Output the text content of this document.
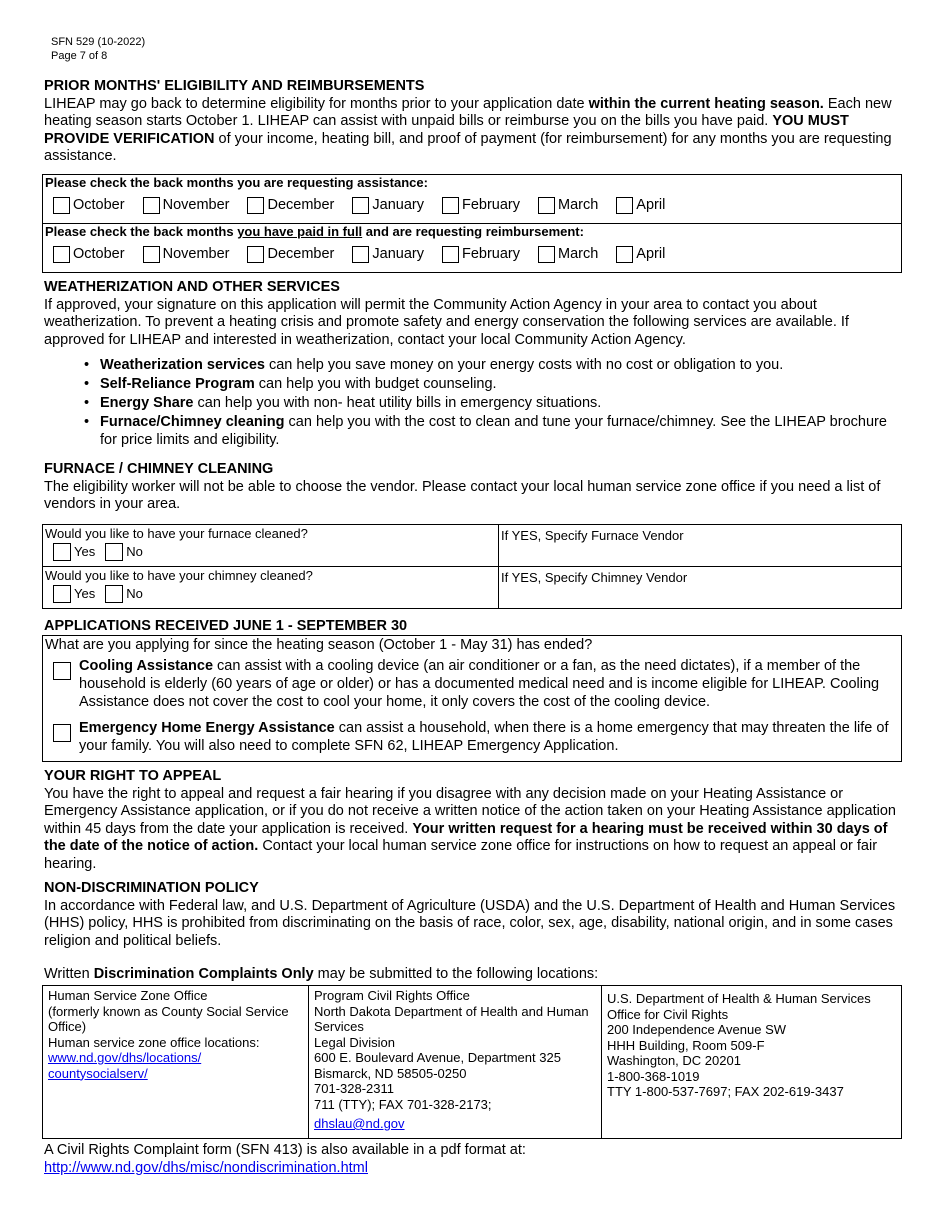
SFN 529 (10-2022)
Page 7 of 8
PRIOR MONTHS' ELIGIBILITY AND REIMBURSEMENTS

LIHEAP may go back to determine eligibility for months prior to your application date within the current heating season. Each new heating season starts October 1. LIHEAP can assist with unpaid bills or reimburse you on the bills you have paid. YOU MUST PROVIDE VERIFICATION of your income, heating bill, and proof of payment (for reimbursement) for any months you are requesting assistance.

Please check the back months you are requesting assistance:
October	November	December	January	February	March	April
Please check the back months you have paid in full and are requesting reimbursement:
October	November	December	January	February	March	April
WEATHERIZATION AND OTHER SERVICES

If approved, your signature on this application will permit the Community Action Agency in your area to contact you about weatherization. To prevent a heating crisis and promote safety and energy conservation the following services are available. If approved for LIHEAP and interested in weatherization, contact your local Community Action Agency.

• Weatherization services can help you save money on your energy costs with no cost or obligation to you.
• Self-Reliance Program can help you with budget counseling.
• Energy Share can help you with non- heat utility bills in emergency situations.
• Furnace/Chimney cleaning can help you with the cost to clean and tune your furnace/chimney. See the LIHEAP brochure for price limits and eligibility.
FURNACE / CHIMNEY CLEANING

The eligibility worker will not be able to choose the vendor. Please contact your local human service zone office if you need a list of vendors in your area.

Would you like to have your furnace cleaned?
Yes No	If YES, Specify Furnace Vendor

Would you like to have your chimney cleaned?
Yes No	If YES, Specify Chimney Vendor
APPLICATIONS RECEIVED JUNE 1 - SEPTEMBER 30
What are you applying for since the heating season (October 1 - May 31) has ended?
Cooling Assistance can assist with a cooling device (an air conditioner or a fan, as the need dictates), if a member of the household is elderly (60 years of age or older) or has a documented medical need and is income eligible for LIHEAP. Cooling Assistance does not cover the cost to cool your home, it only covers the cost of the cooling device.
Emergency Home Energy Assistance can assist a household, when there is a home emergency that may threaten the life of your family. You will also need to complete SFN 62, LIHEAP Emergency Application.
YOUR RIGHT TO APPEAL

You have the right to appeal and request a fair hearing if you disagree with any decision made on your Heating Assistance or Emergency Assistance application, or if you do not receive a written notice of the action taken on your Heating Assistance application within 45 days from the date your application is received. Your written request for a hearing must be received within 30 days of the date of the notice of action. Contact your local human service zone office for instructions on how to request an appeal or fair hearing.

NON-DISCRIMINATION POLICY

In accordance with Federal law, and U.S. Department of Agriculture (USDA) and the U.S. Department of Health and Human Services (HHS) policy, HHS is prohibited from discriminating on the basis of race, color, sex, age, disability, national origin, and in some cases religion and political beliefs.

Written Discrimination Complaints Only may be submitted to the following locations:

Human Service Zone Office
(formerly known as County Social Service Office)
Human service zone office locations:
www.nd.gov/dhs/locations/
countysocialserv/

Program Civil Rights Office
North Dakota Department of Health and Human Services
Legal Division
600 E. Boulevard Avenue, Department 325
Bismarck, ND 58505-0250
701-328-2311
711 (TTY); FAX 701-328-2173;
dhslau@nd.gov

U.S. Department of Health & Human Services
Office for Civil Rights
200 Independence Avenue SW
HHH Building, Room 509-F
Washington, DC 20201
1-800-368-1019
TTY 1-800-537-7697; FAX 202-619-3437

A Civil Rights Complaint form (SFN 413) is also available in a pdf format at:

http://www.nd.gov/dhs/misc/nondiscrimination.html
